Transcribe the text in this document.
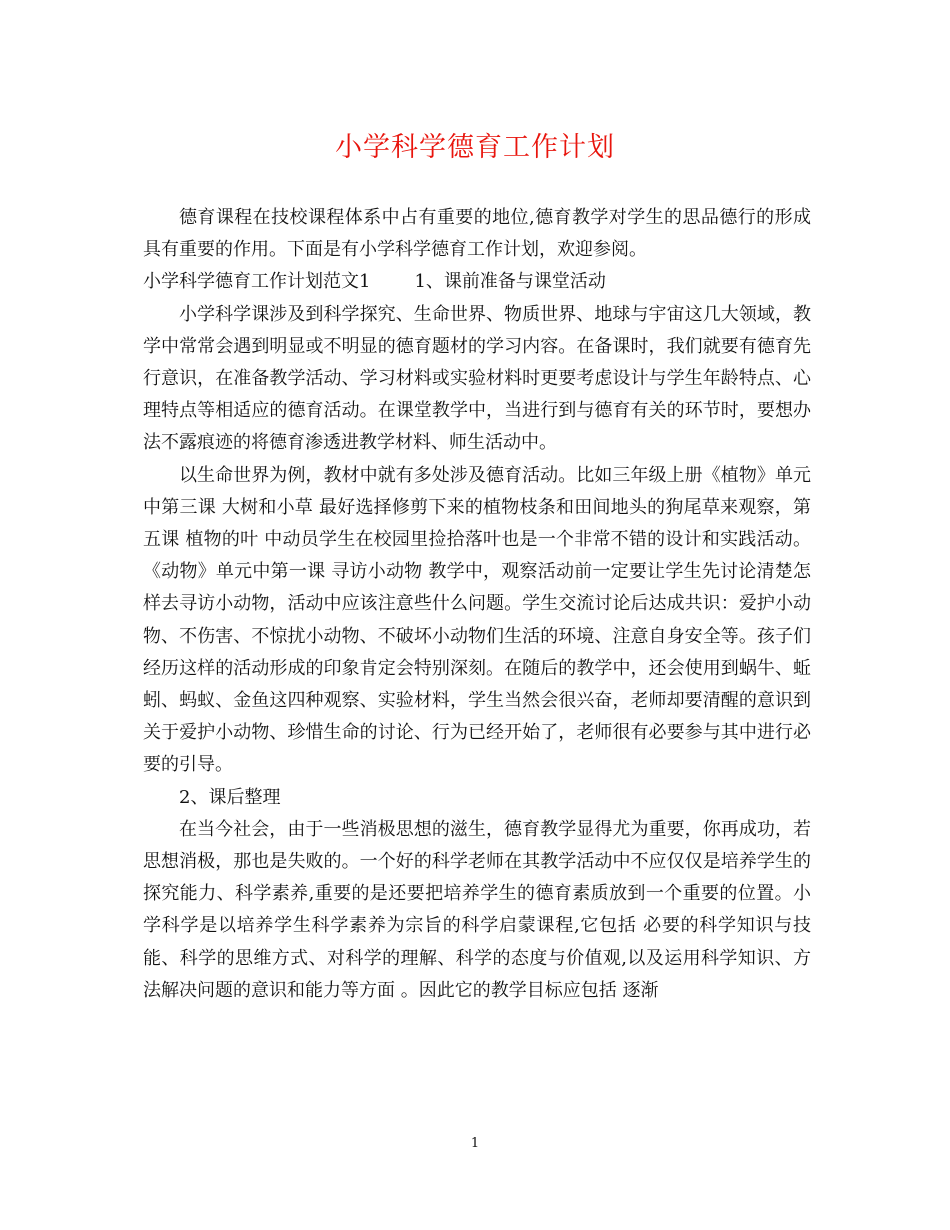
小学科学德育工作计划

德育课程在技校课程体系中占有重要的地位,德育教学对学生的思品德行的形成具有重要的作用。下面是有小学科学德育工作计划，欢迎参阅。

小学科学德育工作计划范文1 1、课前准备与课堂活动

小学科学课涉及到科学探究、生命世界、物质世界、地球与宇宙这几大领域，教学中常常会遇到明显或不明显的德育题材的学习内容。在备课时，我们就要有德育先行意识，在准备教学活动、学习材料或实验材料时更要考虑设计与学生年龄特点、心理特点等相适应的德育活动。在课堂教学中，当进行到与德育有关的环节时，要想办法不露痕迹的将德育渗透进教学材料、师生活动中。

以生命世界为例，教材中就有多处涉及德育活动。比如三年级上册《植物》单元中第三课 大树和小草 最好选择修剪下来的植物枝条和田间地头的狗尾草来观察，第五课 植物的叶 中动员学生在校园里捡拾落叶也是一个非常不错的设计和实践活动。《动物》单元中第一课 寻访小动物 教学中，观察活动前一定要让学生先讨论清楚怎样去寻访小动物，活动中应该注意些什么问题。学生交流讨论后达成共识：爱护小动物、不伤害、不惊扰小动物、不破坏小动物们生活的环境、注意自身安全等。孩子们经历这样的活动形成的印象肯定会特别深刻。在随后的教学中，还会使用到蜗牛、蚯蚓、蚂蚁、金鱼这四种观察、实验材料，学生当然会很兴奋，老师却要清醒的意识到关于爱护小动物、珍惜生命的讨论、行为已经开始了，老师很有必要参与其中进行必要的引导。

2、课后整理

在当今社会，由于一些消极思想的滋生，德育教学显得尤为重要，你再成功，若思想消极，那也是失败的。一个好的科学老师在其教学活动中不应仅仅是培养学生的探究能力、科学素养,重要的是还要把培养学生的德育素质放到一个重要的位置。小学科学是以培养学生科学素养为宗旨的科学启蒙课程,它包括 必要的科学知识与技能、科学的思维方式、对科学的理解、科学的态度与价值观,以及运用科学知识、方法解决问题的意识和能力等方面 。因此它的教学目标应包括 逐渐

1
